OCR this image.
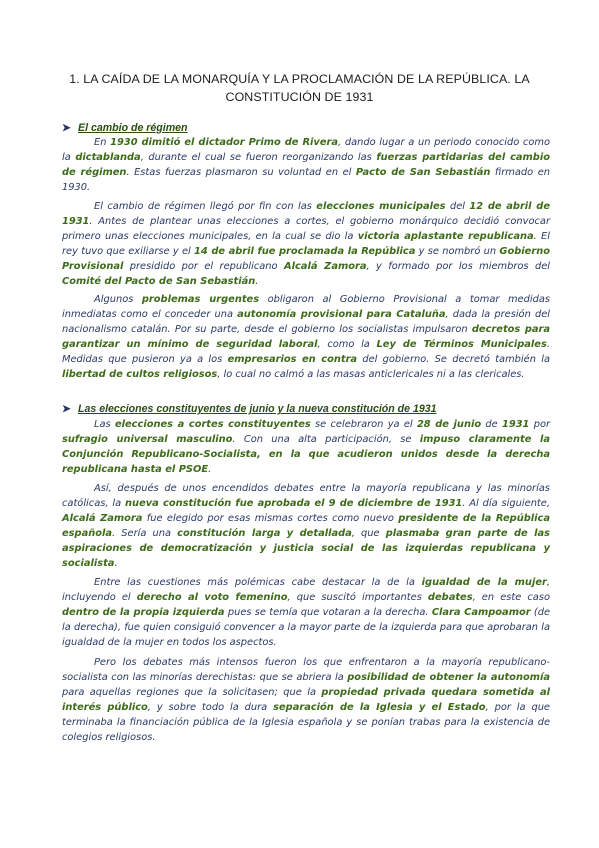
1. LA CAÍDA DE LA MONARQUÍA Y LA PROCLAMACIÓN DE LA REPÚBLICA. LA
CONSTITUCIÓN DE 1931
➤ El cambio de régimen
En 1930 dimitió el dictador Primo de Rivera, dando lugar a un periodo conocido como la dictablanda, durante el cual se fueron reorganizando las fuerzas partidarias del cambio de régimen. Estas fuerzas plasmaron su voluntad en el Pacto de San Sebastián firmado en 1930.
El cambio de régimen llegó por fin con las elecciones municipales del 12 de abril de 1931. Antes de plantear unas elecciones a cortes, el gobierno monárquico decidió convocar primero unas elecciones municipales, en la cual se dio la victoria aplastante republicana. El rey tuvo que exiliarse y el 14 de abril fue proclamada la República y se nombró un Gobierno Provisional presidido por el republicano Alcalá Zamora, y formado por los miembros del Comité del Pacto de San Sebastián.
Algunos problemas urgentes obligaron al Gobierno Provisional a tomar medidas inmediatas como el conceder una autonomía provisional para Cataluña, dada la presión del nacionalismo catalán. Por su parte, desde el gobierno los socialistas impulsaron decretos para garantizar un mínimo de seguridad laboral, como la Ley de Términos Municipales. Medidas que pusieron ya a los empresarios en contra del gobierno. Se decretó también la libertad de cultos religiosos, lo cual no calmó a las masas anticlericales ni a las clericales.
➤ Las elecciones constituyentes de junio y la nueva constitución de 1931
Las elecciones a cortes constituyentes se celebraron ya el 28 de junio de 1931 por sufragio universal masculino. Con una alta participación, se impuso claramente la Conjunción Republicano-Socialista, en la que acudieron unidos desde la derecha republicana hasta el PSOE.
Así, después de unos encendidos debates entre la mayoría republicana y las minorías católicas, la nueva constitución fue aprobada el 9 de diciembre de 1931. Al día siguiente, Alcalá Zamora fue elegido por esas mismas cortes como nuevo presidente de la República española. Sería una constitución larga y detallada, que plasmaba gran parte de las aspiraciones de democratización y justicia social de las izquierdas republicana y socialista.
Entre las cuestiones más polémicas cabe destacar la de la igualdad de la mujer, incluyendo el derecho al voto femenino, que suscitó importantes debates, en este caso dentro de la propia izquierda pues se temía que votaran a la derecha. Clara Campoamor (de la derecha), fue quien consiguió convencer a la mayor parte de la izquierda para que aprobaran la igualdad de la mujer en todos los aspectos.
Pero los debates más intensos fueron los que enfrentaron a la mayoría republicano-socialista con las minorías derechistas: que se abriera la posibilidad de obtener la autonomía para aquellas regiones que la solicitasen; que la propiedad privada quedara sometida al interés público, y sobre todo la dura separación de la Iglesia y el Estado, por la que terminaba la financiación pública de la Iglesia española y se ponían trabas para la existencia de colegios religiosos.
